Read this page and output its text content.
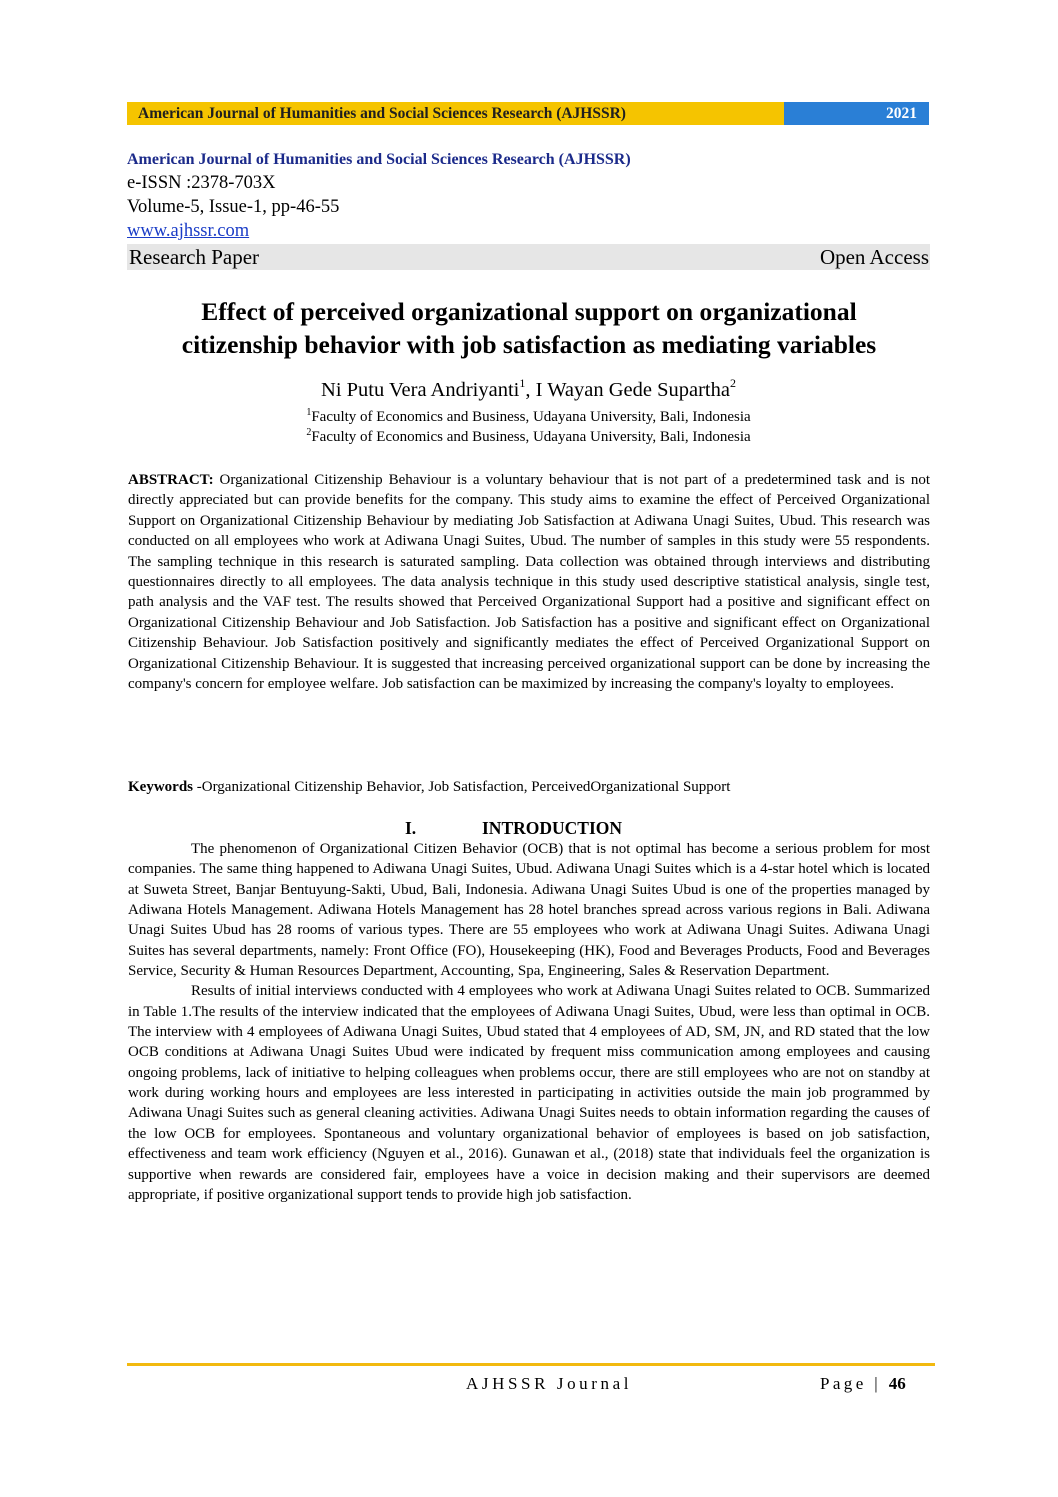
American Journal of Humanities and Social Sciences Research (AJHSSR)	2021
American Journal of Humanities and Social Sciences Research (AJHSSR)
e-ISSN :2378-703X
Volume-5, Issue-1, pp-46-55
www.ajhssr.com
Research Paper	Open Access
Effect of perceived organizational support on organizational
citizenship behavior with job satisfaction as mediating variables
Ni Putu Vera Andriyanti$^1$, I Wayan Gede Supartha$^2$
$^1$Faculty of Economics and Business, Udayana University, Bali, Indonesia
$^2$Faculty of Economics and Business, Udayana University, Bali, Indonesia
ABSTRACT: Organizational Citizenship Behaviour is a voluntary behaviour that is not part of a predetermined task and is not directly appreciated but can provide benefits for the company. This study aims to examine the effect of Perceived Organizational Support on Organizational Citizenship Behaviour by mediating Job Satisfaction at Adiwana Unagi Suites, Ubud. This research was conducted on all employees who work at Adiwana Unagi Suites, Ubud. The number of samples in this study were 55 respondents. The sampling technique in this research is saturated sampling. Data collection was obtained through interviews and distributing questionnaires directly to all employees. The data analysis technique in this study used descriptive statistical analysis, single test, path analysis and the VAF test. The results showed that Perceived Organizational Support had a positive and significant effect on Organizational Citizenship Behaviour and Job Satisfaction. Job Satisfaction has a positive and significant effect on Organizational Citizenship Behaviour. Job Satisfaction positively and significantly mediates the effect of Perceived Organizational Support on Organizational Citizenship Behaviour. It is suggested that increasing perceived organizational support can be done by increasing the company's concern for employee welfare. Job satisfaction can be maximized by increasing the company's loyalty to employees.
Keywords -Organizational Citizenship Behavior, Job Satisfaction, PerceivedOrganizational Support
I.	INTRODUCTION

The phenomenon of Organizational Citizen Behavior (OCB) that is not optimal has become a serious problem for most companies. The same thing happened to Adiwana Unagi Suites, Ubud. Adiwana Unagi Suites which is a 4-star hotel which is located at Suweta Street, Banjar Bentuyung-Sakti, Ubud, Bali, Indonesia. Adiwana Unagi Suites Ubud is one of the properties managed by Adiwana Hotels Management. Adiwana Hotels Management has 28 hotel branches spread across various regions in Bali. Adiwana Unagi Suites Ubud has 28 rooms of various types. There are 55 employees who work at Adiwana Unagi Suites. Adiwana Unagi Suites has several departments, namely: Front Office (FO), Housekeeping (HK), Food and Beverages Products, Food and Beverages Service, Security & Human Resources Department, Accounting, Spa, Engineering, Sales & Reservation Department.

Results of initial interviews conducted with 4 employees who work at Adiwana Unagi Suites related to OCB. Summarized in Table 1.The results of the interview indicated that the employees of Adiwana Unagi Suites, Ubud, were less than optimal in OCB. The interview with 4 employees of Adiwana Unagi Suites, Ubud stated that 4 employees of AD, SM, JN, and RD stated that the low OCB conditions at Adiwana Unagi Suites Ubud were indicated by frequent miss communication among employees and causing ongoing problems, lack of initiative to helping colleagues when problems occur, there are still employees who are not on standby at work during working hours and employees are less interested in participating in activities outside the main job programmed by Adiwana Unagi Suites such as general cleaning activities. Adiwana Unagi Suites needs to obtain information regarding the causes of the low OCB for employees. Spontaneous and voluntary organizational behavior of employees is based on job satisfaction, effectiveness and team work efficiency (Nguyen et al., 2016). Gunawan et al., (2018) state that individuals feel the organization is supportive when rewards are considered fair, employees have a voice in decision making and their supervisors are deemed appropriate, if positive organizational support tends to provide high job satisfaction.

AJHSSR Journal	Page | 46
